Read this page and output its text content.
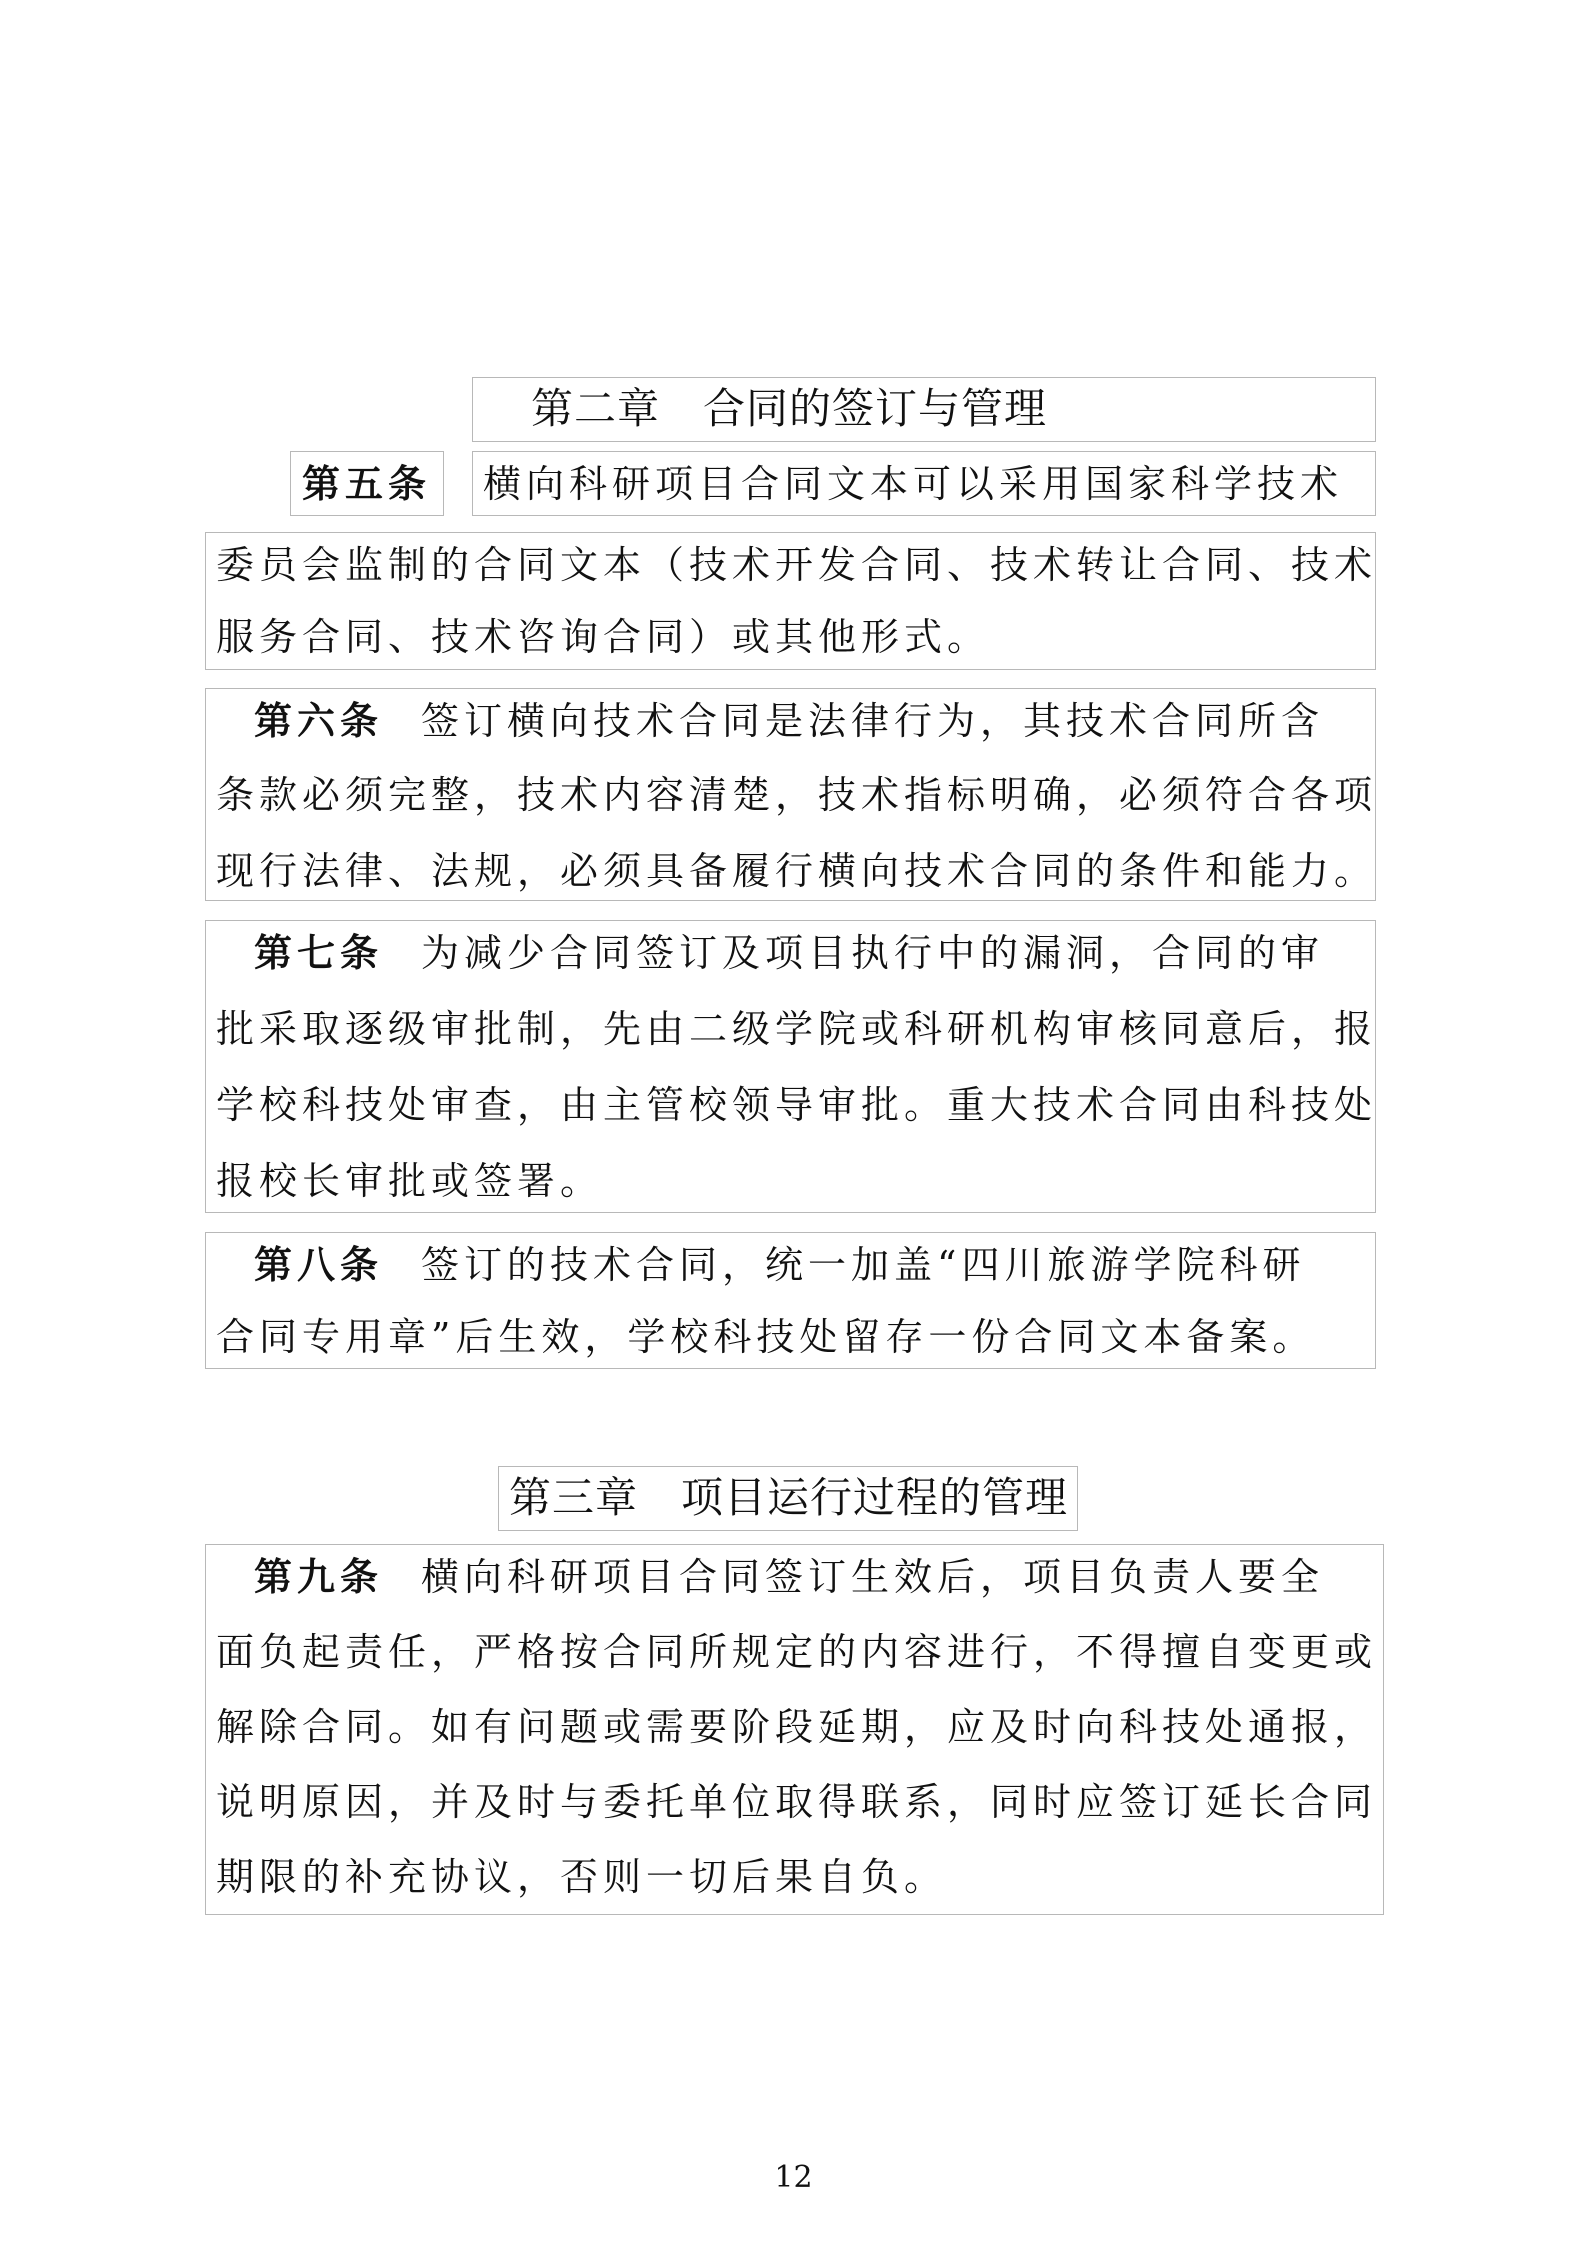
第二章　合同的签订与管理
第五条	横向科研项目合同文本可以采用国家科学技术
委员会监制的合同文本（技术开发合同、技术转让合同、技术
服务合同、技术咨询合同）或其他形式。
第六条 签订横向技术合同是法律行为，其技术合同所含
条款必须完整，技术内容清楚，技术指标明确，必须符合各项
现行法律、法规，必须具备履行横向技术合同的条件和能力。
第七条 为减少合同签订及项目执行中的漏洞，合同的审
批采取逐级审批制，先由二级学院或科研机构审核同意后，报
学校科技处审查，由主管校领导审批。重大技术合同由科技处
报校长审批或签署。
第八条 签订的技术合同，统一加盖“四川旅游学院科研
合同专用章”后生效，学校科技处留存一份合同文本备案。
第三章　项目运行过程的管理
第九条 横向科研项目合同签订生效后，项目负责人要全
面负起责任，严格按合同所规定的内容进行，不得擅自变更或
解除合同。如有问题或需要阶段延期，应及时向科技处通报，
说明原因，并及时与委托单位取得联系，同时应签订延长合同
期限的补充协议，否则一切后果自负。
12
